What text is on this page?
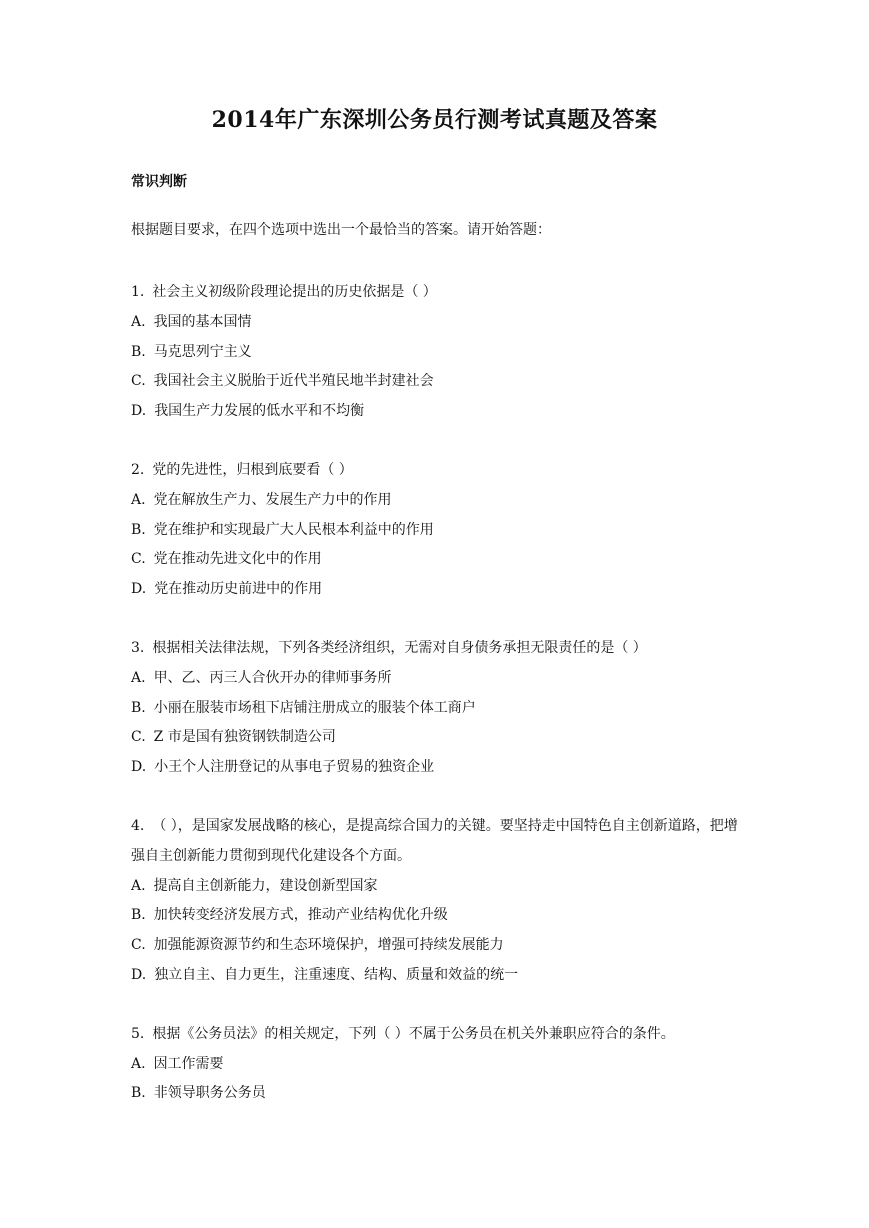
2014年广东深圳公务员行测考试真题及答案
常识判断

根据题目要求，在四个选项中选出一个最恰当的答案。请开始答题：

1. 社会主义初级阶段理论提出的历史依据是（ ）

A. 我国的基本国情
B. 马克思列宁主义
C. 我国社会主义脱胎于近代半殖民地半封建社会
D. 我国生产力发展的低水平和不均衡

2. 党的先进性，归根到底要看（ ）

A. 党在解放生产力、发展生产力中的作用
B. 党在维护和实现最广大人民根本利益中的作用
C. 党在推动先进文化中的作用
D. 党在推动历史前进中的作用

3. 根据相关法律法规，下列各类经济组织，无需对自身债务承担无限责任的是（ ）

A. 甲、乙、丙三人合伙开办的律师事务所
B. 小丽在服装市场租下店铺注册成立的服装个体工商户
C. Z 市是国有独资钢铁制造公司
D. 小王个人注册登记的从事电子贸易的独资企业

4. （ ），是国家发展战略的核心，是提高综合国力的关键。要坚持走中国特色自主创新道路，把增强自主创新能力贯彻到现代化建设各个方面。

A. 提高自主创新能力，建设创新型国家
B. 加快转变经济发展方式，推动产业结构优化升级
C. 加强能源资源节约和生态环境保护，增强可持续发展能力
D. 独立自主、自力更生，注重速度、结构、质量和效益的统一

5. 根据《公务员法》的相关规定，下列（ ）不属于公务员在机关外兼职应符合的条件。

A. 因工作需要
B. 非领导职务公务员
